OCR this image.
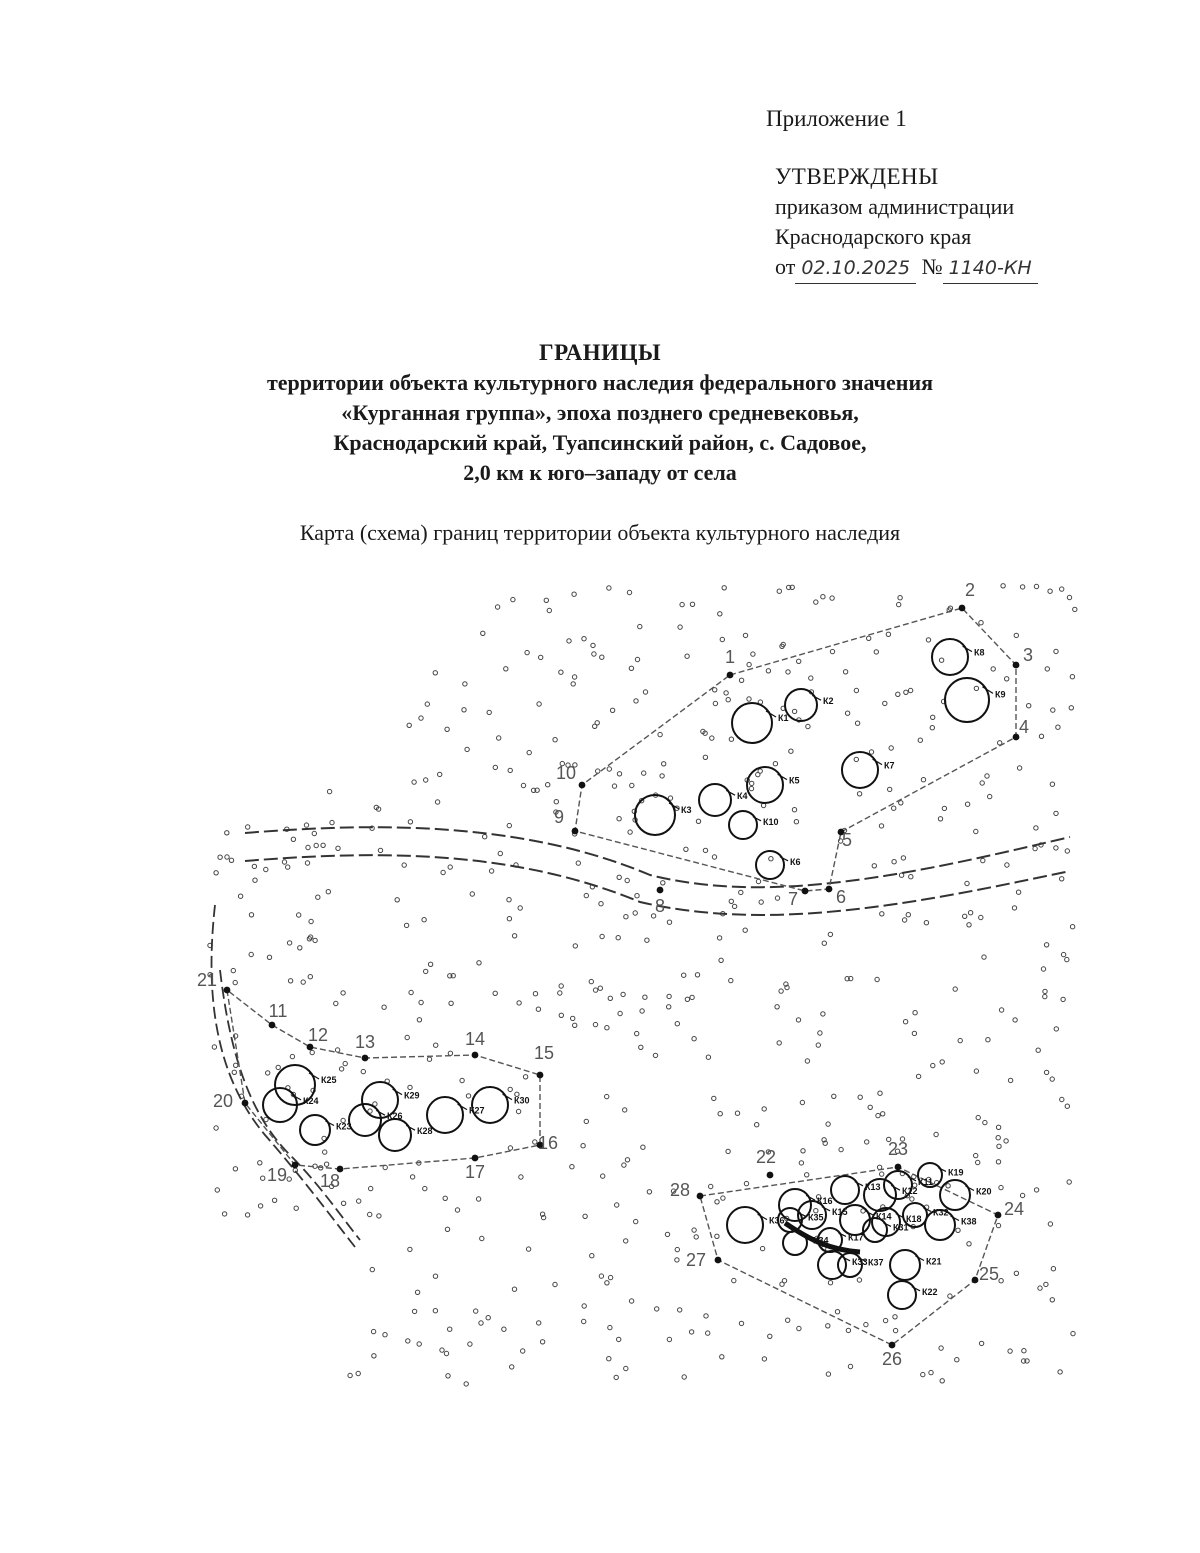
Приложение 1
УТВЕРЖДЕНЫ
приказом администрации
Краснодарского края
от 02.10.2025 № 1140-КН
ГРАНИЦЫ
территории объекта культурного наследия федерального значения
«Курганная группа», эпоха позднего средневековья,
Краснодарский край, Туапсинский район, с. Садовое,
2,0 км к юго–западу от села
Карта (схема) границ территории объекта культурного наследия
К1
К2
К3
К4
К5
К6
К7
К8
К9
К10
К11
К12
К13
К14
К15
К16
К17
К18
К19
К20
К21
К22
К23
К24
К25
К26
К27
К28
К29	К30
К31
К32
К33
К34
К35
К36
К37
К38
1
2
3
4
5
6
7
8
9
10
11
12 13	14
15
16
17
18
19
20
21
22	23
24
25
26
27
28
